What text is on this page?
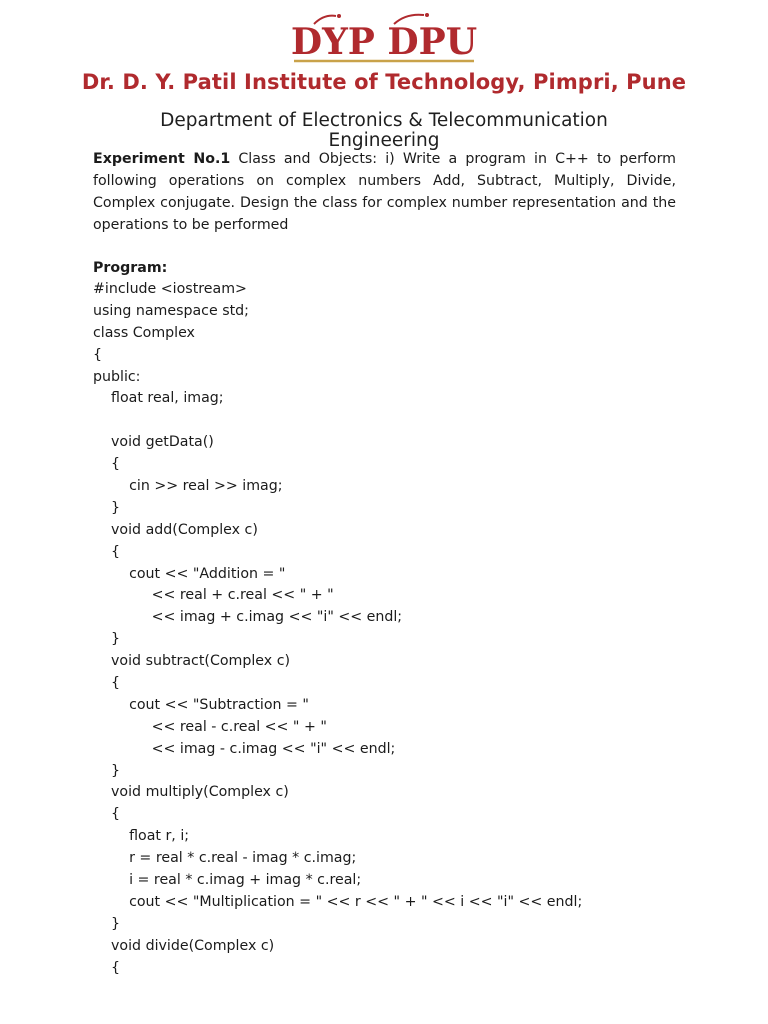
DYP DPU
Dr. D. Y. Patil Institute of Technology, Pimpri, Pune
Department of Electronics & Telecommunication
Engineering
Experiment No.1 Class and Objects: i) Write a program in C++ to perform following operations on complex numbers Add, Subtract, Multiply, Divide, Complex conjugate. Design the class for complex number representation and the operations to be performed
Program:
#include <iostream>
using namespace std;
class Complex
{
public:
float real, imag;
void getData()
{
cin >> real >> imag;
}
void add(Complex c)
{
cout << "Addition = "
<< real + c.real << " + "
<< imag + c.imag << "i" << endl;
}
void subtract(Complex c)
{
cout << "Subtraction = "
<< real - c.real << " + "
<< imag - c.imag << "i" << endl;
}
void multiply(Complex c)
{
float r, i;
r = real * c.real - imag * c.imag;
i = real * c.imag + imag * c.real;
cout << "Multiplication = " << r << " + " << i << "i" << endl;
}
void divide(Complex c)
{
